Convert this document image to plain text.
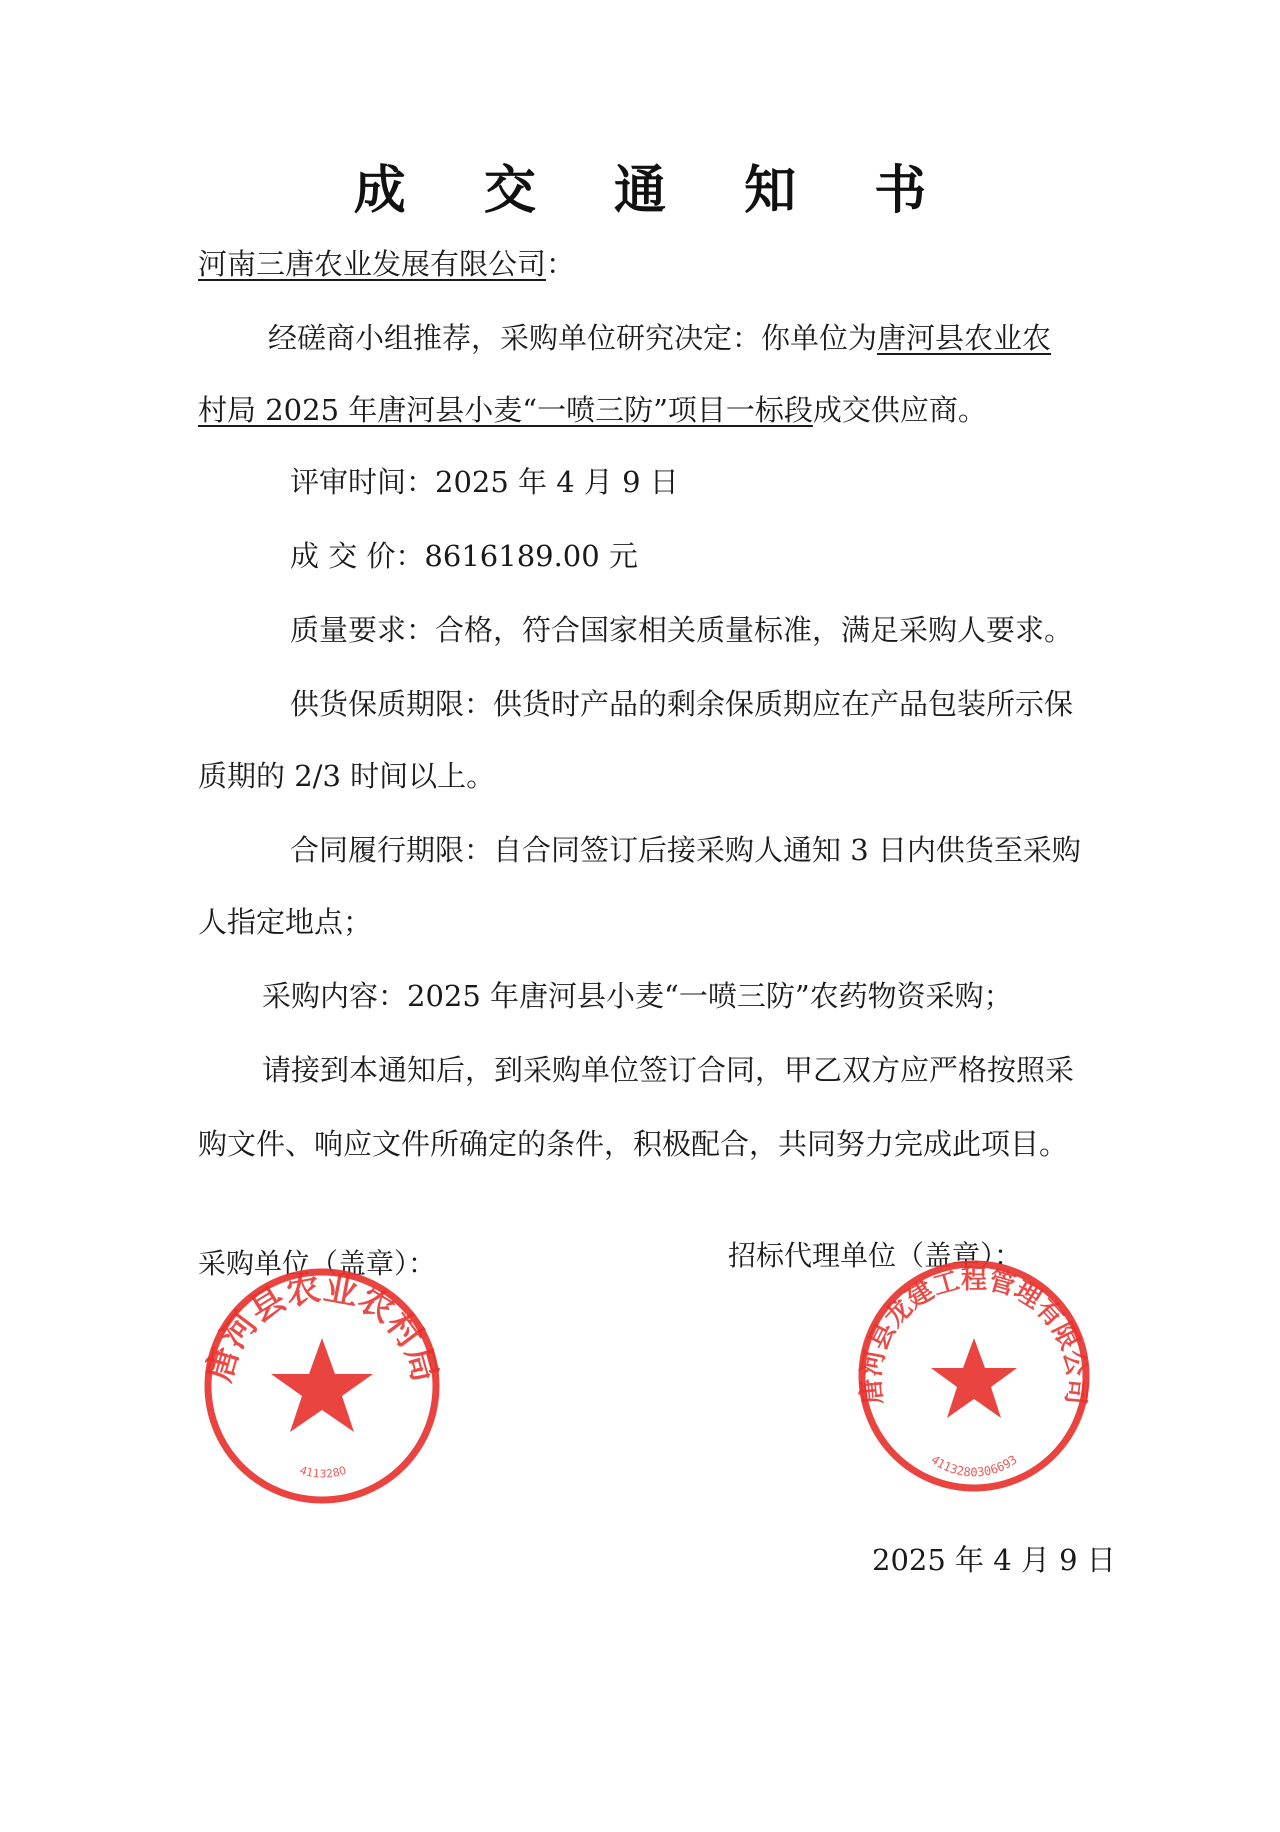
成 交 通 知 书
河南三唐农业发展有限公司：
经磋商小组推荐，采购单位研究决定：你单位为唐河县农业农
村局 2025 年唐河县小麦“一喷三防”项目一标段成交供应商。
评审时间：2025 年 4 月 9 日
成 交 价：8616189.00 元
质量要求：合格，符合国家相关质量标准，满足采购人要求。
供货保质期限：供货时产品的剩余保质期应在产品包装所示保
质期的 2/3 时间以上。
合同履行期限：自合同签订后接采购人通知 3 日内供货至采购
人指定地点；
采购内容：2025 年唐河县小麦“一喷三防”农药物资采购；
请接到本通知后，到采购单位签订合同，甲乙双方应严格按照采
购文件、响应文件所确定的条件，积极配合，共同努力完成此项目。
采购单位（盖章）：	招标代理单位（盖章）：
唐河县农业农村局
4113280
唐河县龙建工程管理有限公司
4113280306693
2025 年 4 月 9 日
